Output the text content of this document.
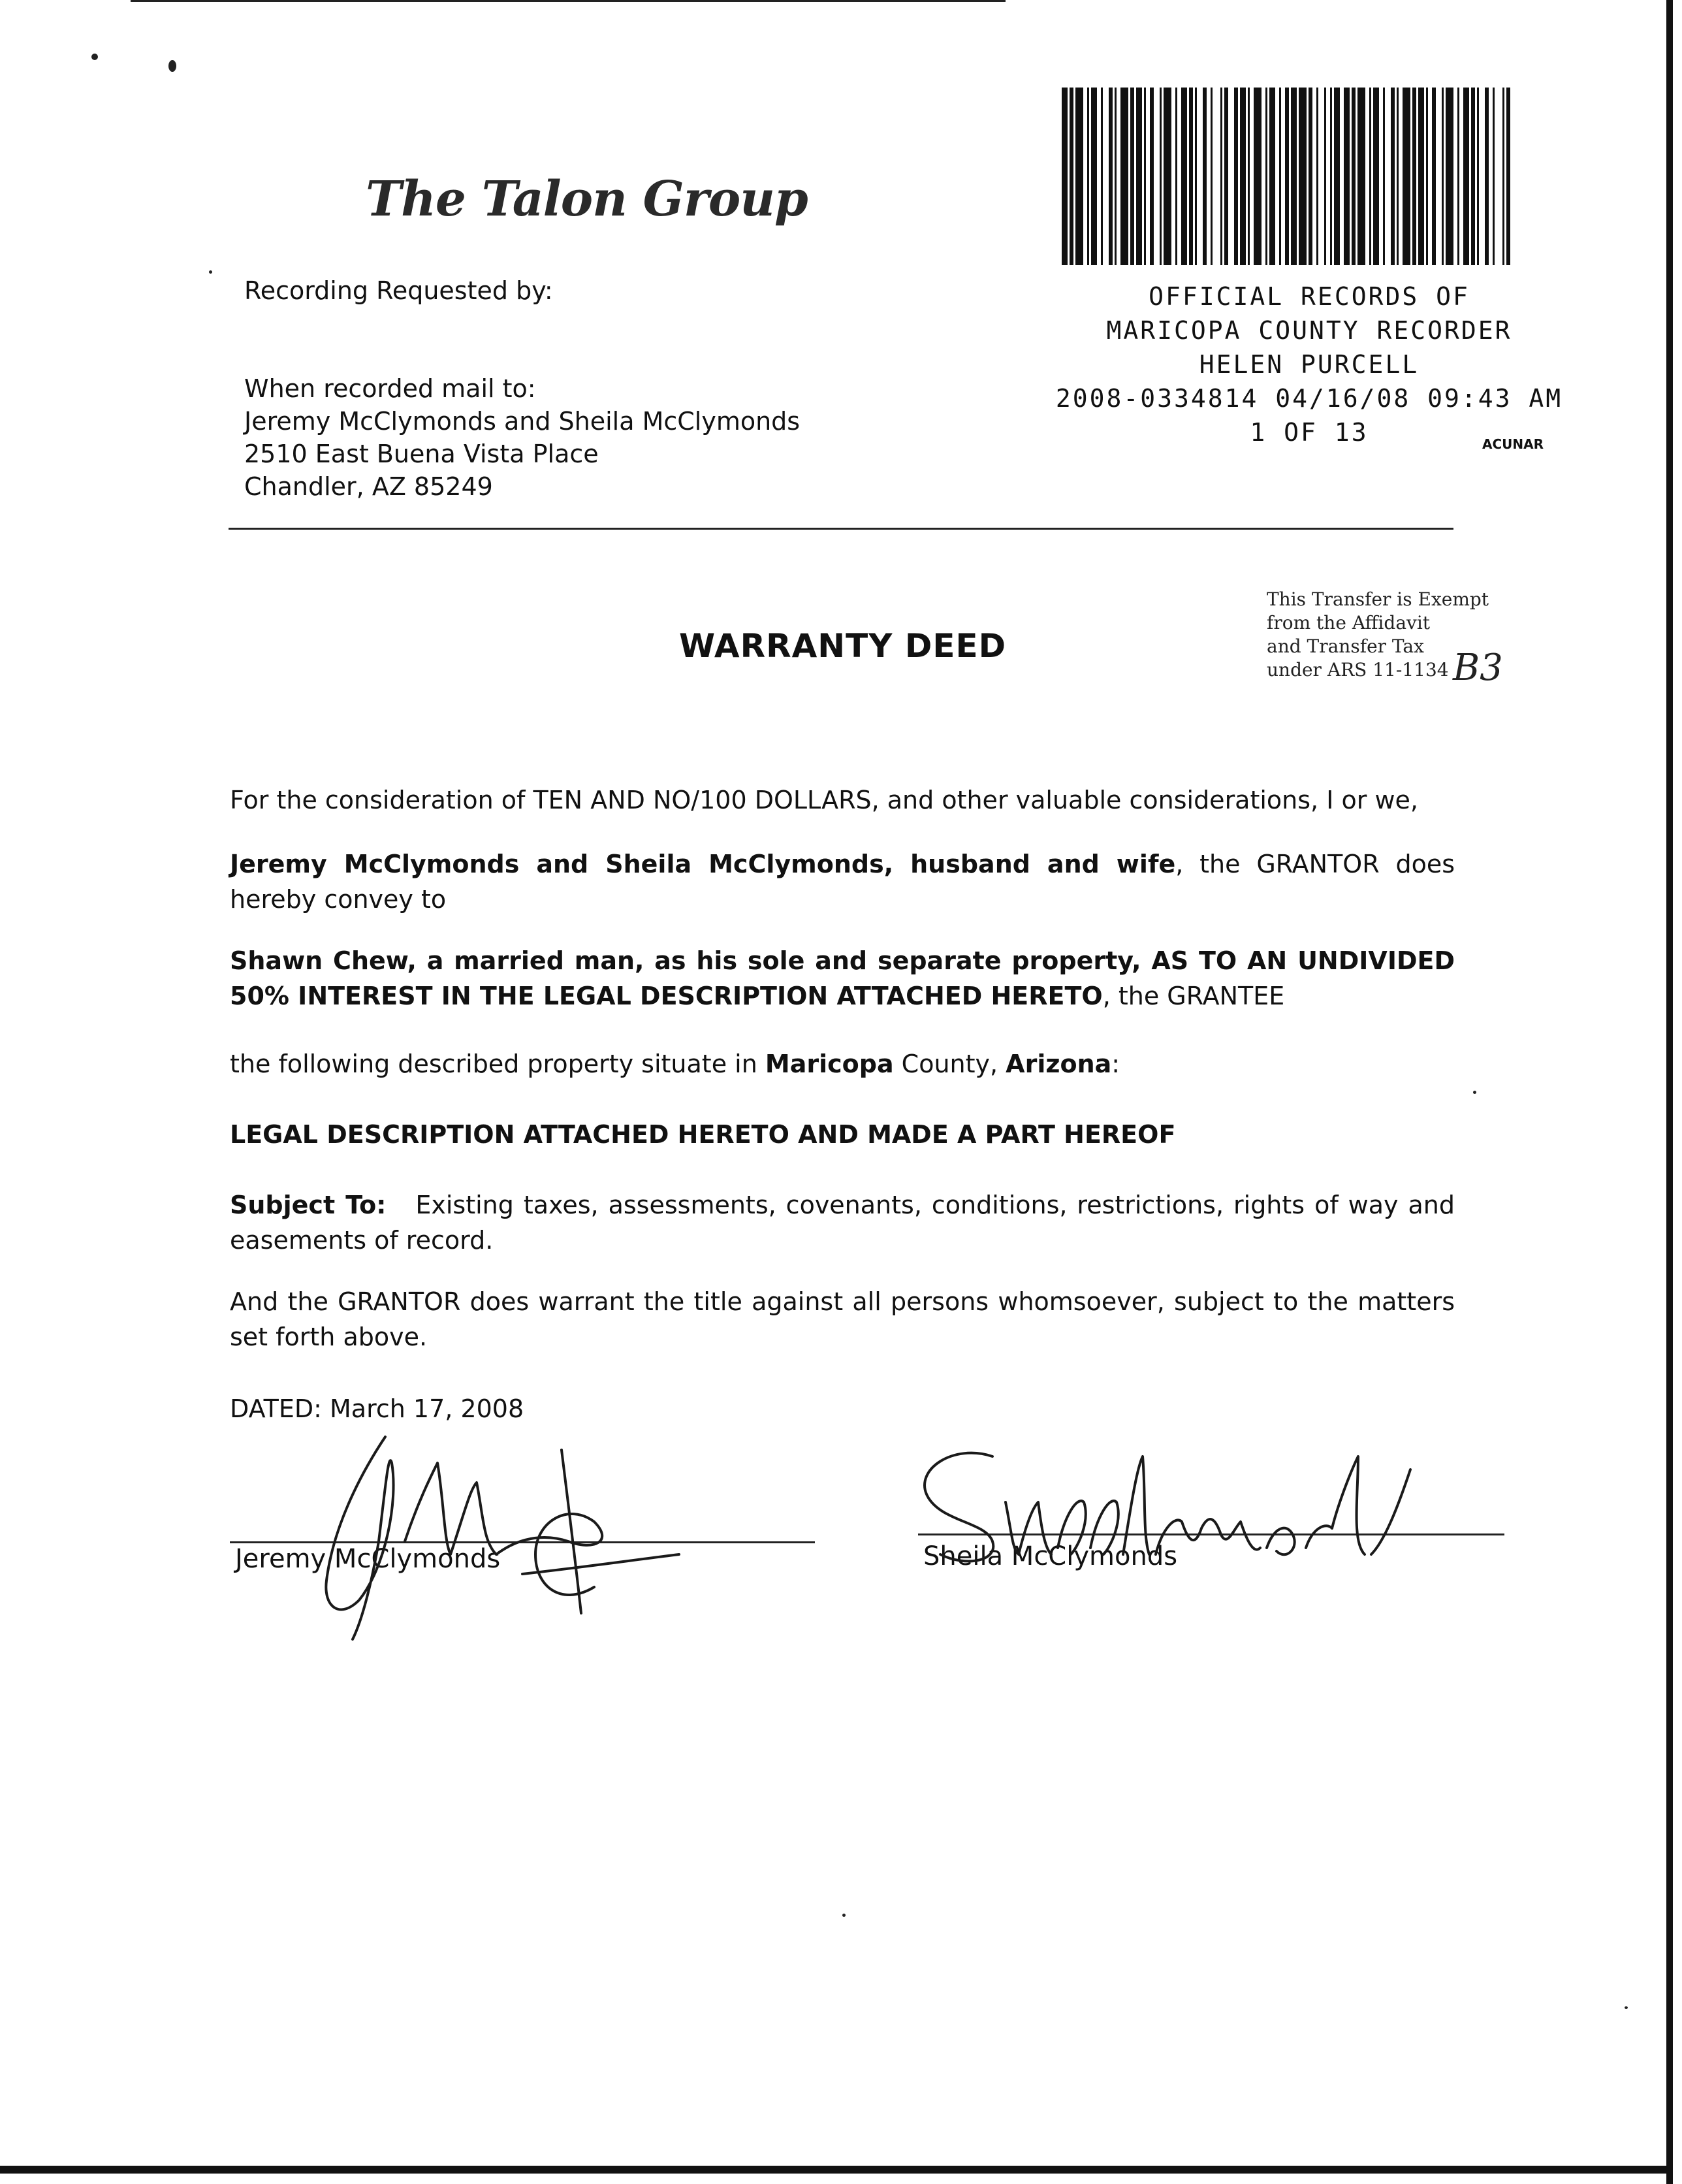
The Talon Group
Recording Requested by:
When recorded mail to:
Jeremy McClymonds and Sheila McClymonds
2510 East Buena Vista Place
Chandler, AZ 85249
OFFICIAL RECORDS OF
MARICOPA COUNTY RECORDER
HELEN PURCELL
2008-0334814 04/16/08 09:43 AM
1 OF 13	ACUNAR
WARRANTY DEED
This Transfer is Exempt
from the Affidavit
and Transfer Tax
under ARS 11-1134 B3
For the consideration of TEN AND NO/100 DOLLARS, and other valuable considerations, I or we,
Jeremy McClymonds and Sheila McClymonds, husband and wife, the GRANTOR does hereby convey to
Shawn Chew, a married man, as his sole and separate property, AS TO AN UNDIVIDED 50% INTEREST IN THE LEGAL DESCRIPTION ATTACHED HERETO, the GRANTEE
the following described property situate in Maricopa County, Arizona:
LEGAL DESCRIPTION ATTACHED HERETO AND MADE A PART HEREOF
Subject To: Existing taxes, assessments, covenants, conditions, restrictions, rights of way and easements of record.
And the GRANTOR does warrant the title against all persons whomsoever, subject to the matters set forth above.
DATED: March 17, 2008
Jeremy McClymonds	Sheila McClymonds
